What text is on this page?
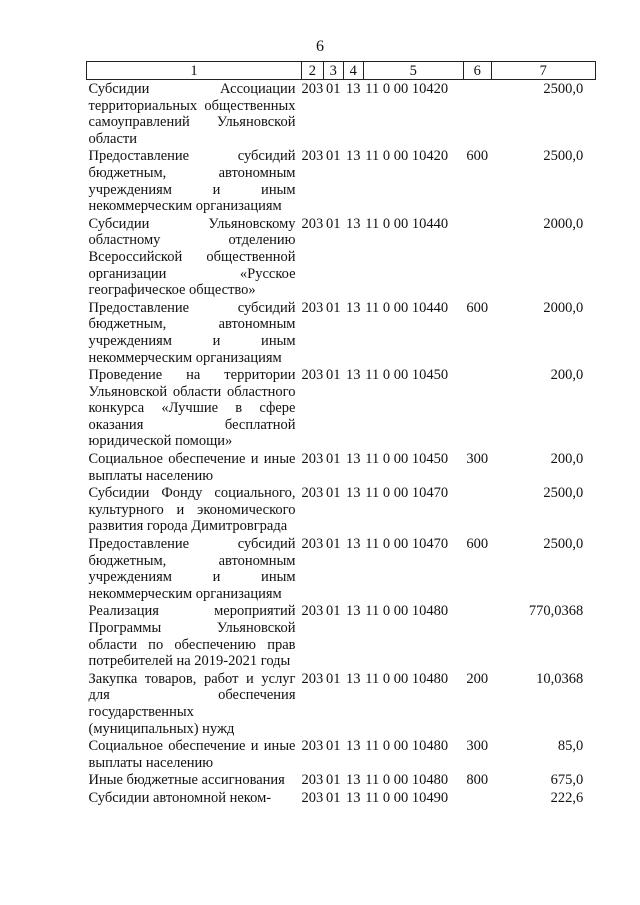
6
1	2	3	4	5	6	7
Субсидии Ассоциации территориальных общественных самоуправлений Ульяновской области	203	01	13	11 0 00 10420		2500,0
Предоставление субсидий бюджетным, автономным учреждениям и иным некоммерческим организациям	203	01	13	11 0 00 10420	600	2500,0
Субсидии Ульяновскому областному отделению Всероссийской общественной организации «Русское географическое общество»	203	01	13	11 0 00 10440		2000,0
Предоставление субсидий бюджетным, автономным учреждениям и иным некоммерческим организациям	203	01	13	11 0 00 10440	600	2000,0
Проведение на территории Ульяновской области областного конкурса «Лучшие в сфере оказания бесплатной юридической помощи»	203	01	13	11 0 00 10450		200,0
Социальное обеспечение и иные выплаты населению	203	01	13	11 0 00 10450	300	200,0
Субсидии Фонду социального, культурного и экономического развития города Димитровграда	203	01	13	11 0 00 10470		2500,0
Предоставление субсидий бюджетным, автономным учреждениям и иным некоммерческим организациям	203	01	13	11 0 00 10470	600	2500,0
Реализация мероприятий Программы Ульяновской области по обеспечению прав потребителей на 2019-2021 годы	203	01	13	11 0 00 10480		770,0368
Закупка товаров, работ и услуг для обеспечения государственных (муниципальных) нужд	203	01	13	11 0 00 10480	200	10,0368
Социальное обеспечение и иные выплаты населению	203	01	13	11 0 00 10480	300	85,0
Иные бюджетные ассигнования	203	01	13	11 0 00 10480	800	675,0
Субсидии автономной неком-	203	01	13	11 0 00 10490		222,6
